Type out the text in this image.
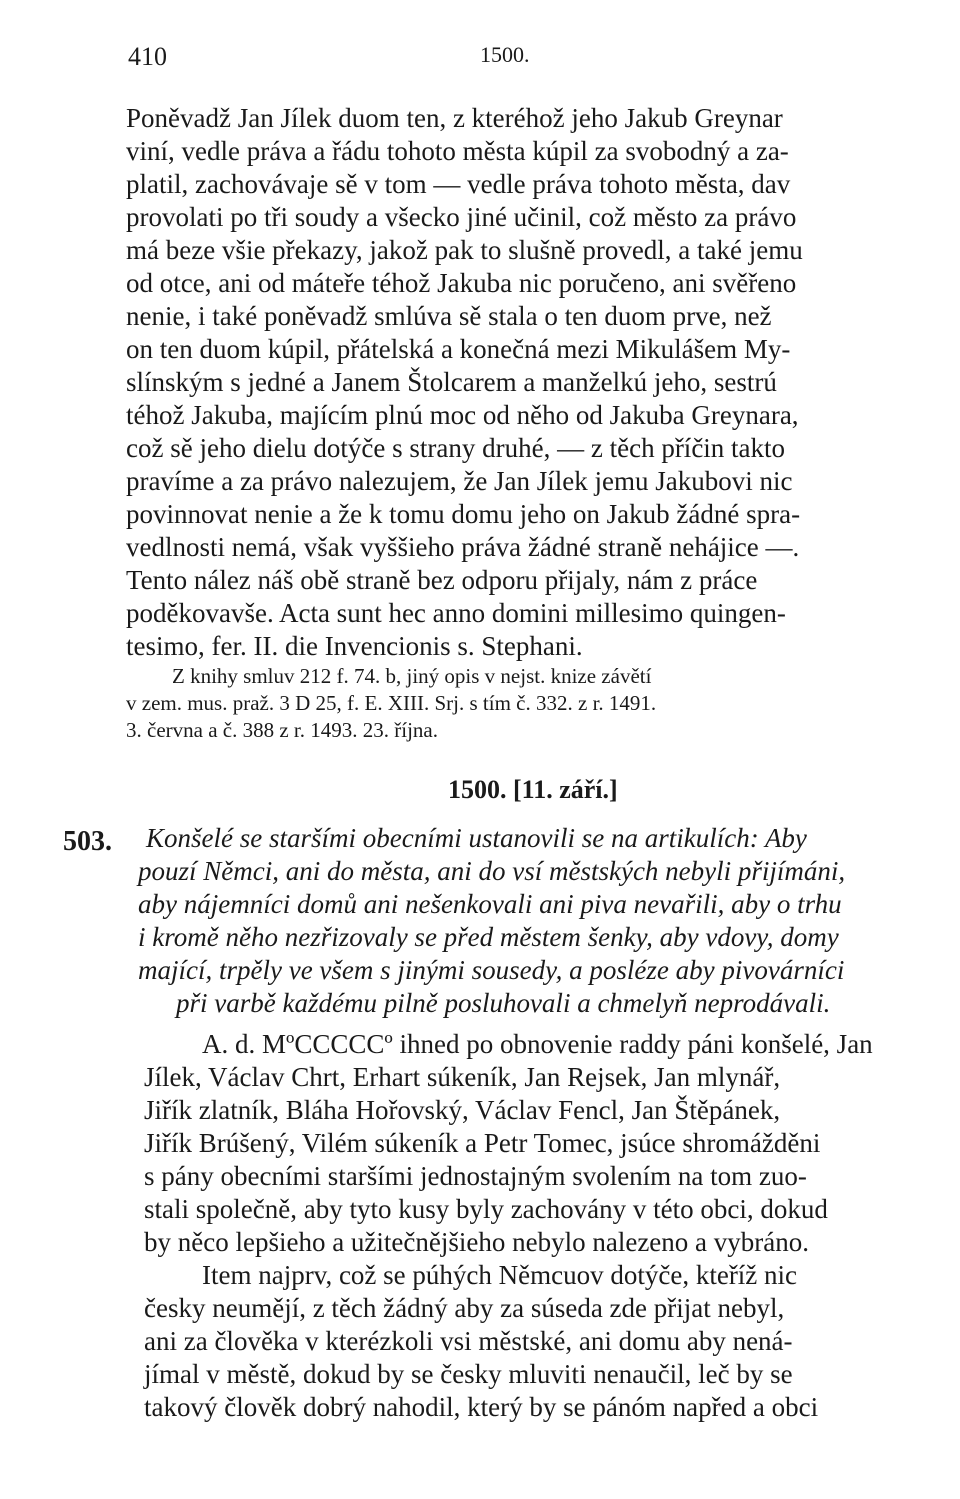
410	1500.
Poněvadž Jan Jílek duom ten, z kteréhož jeho Jakub Greynar
viní, vedle práva a řádu tohoto města kúpil za svobodný a za-
platil, zachovávaje sě v tom — vedle práva tohoto města, dav
provolati po tři soudy a všecko jiné učinil, což město za právo
má beze všie překazy, jakož pak to slušně provedl, a také jemu
od otce, ani od mátеře téhož Jakuba nic poručeno, ani svěřeno
nenie, i také poněvadž smlúva sě stala o ten duom prve, než
on ten duom kúpil, přátelská a konečná mezi Mikulášem My-
slínským s jedné a Janem Štolcarem a manželkú jeho, sestrú
téhož Jakuba, majícím plnú moc od něho od Jakuba Greynara,
což sě jeho dielu dotýče s strany druhé, — z těch příčin takto
pravíme a za právo nalezujem, že Jan Jílek jemu Jakubovi nic
povinnovat nenie a že k tomu domu jeho on Jakub žádné spra-
vedlnosti nemá, však vyššieho práva žádné straně neháјice —.
Tento nález náš obě straně bez odporu přijaly, nám z práce
poděkovavše. Acta sunt hec anno domini millesimo quingen-
tesimo, fer. II. die Invencionis s. Stephani.
Z knihy smluv 212 f. 74. b, jiný opis v nejst. knize závětí
v zem. mus. praž. 3 D 25, f. E. XIII. Srj. s tím č. 332. z r. 1491.
3. června a č. 388 z r. 1493. 23. října.
1500. [11. září.]
503. Konšelé se staršími obecními ustanovili se na artikulích: Aby
pouzí Němci, ani do města, ani do vsí městských nebyli přijímáni,
aby nájemníci domů ani nešenkovali ani piva nevařili, aby o trhu
i kromě něho nezřizovaly se před městem šenky, aby vdovy, domy
mající, trpěly ve všem s jinými sousedy, a posléze aby pivovárníci
při varbě každému pilně posluhovali a chmelyň neprodávali.
A. d. MºCCCCCº ihned po obnovenie raddy páni konšelé, Jan
Jílek, Václav Chrt, Erhart súkeník, Jan Rejsek, Jan mlynář,
Jiřík zlatník, Bláha Hořovský, Václav Fencl, Jan Štěpánek,
Jiřík Brúšený, Vilém súkeník a Petr Tomec, jsúce shromážděni
s pány obecními staršími jednostajným svolením na tom zuo-
stali společně, aby tyto kusy byly zachovány v této obci, dokud
by něco lepšieho a užitečnějšieho nebylo nalezeno a vybráno.
Item najprv, což se púhých Němcuov dotýče, kteříž nic
česky neumějí, z těch žádný aby za súseda zde přijat nebyl,
ani za člověka v kterézkoli vsi městské, ani domu aby nená-
jímal v městě, dokud by se česky mluviti nenaučil, leč by se
takový člověk dobrý nahodil, který by se pánóm napřed a obci
